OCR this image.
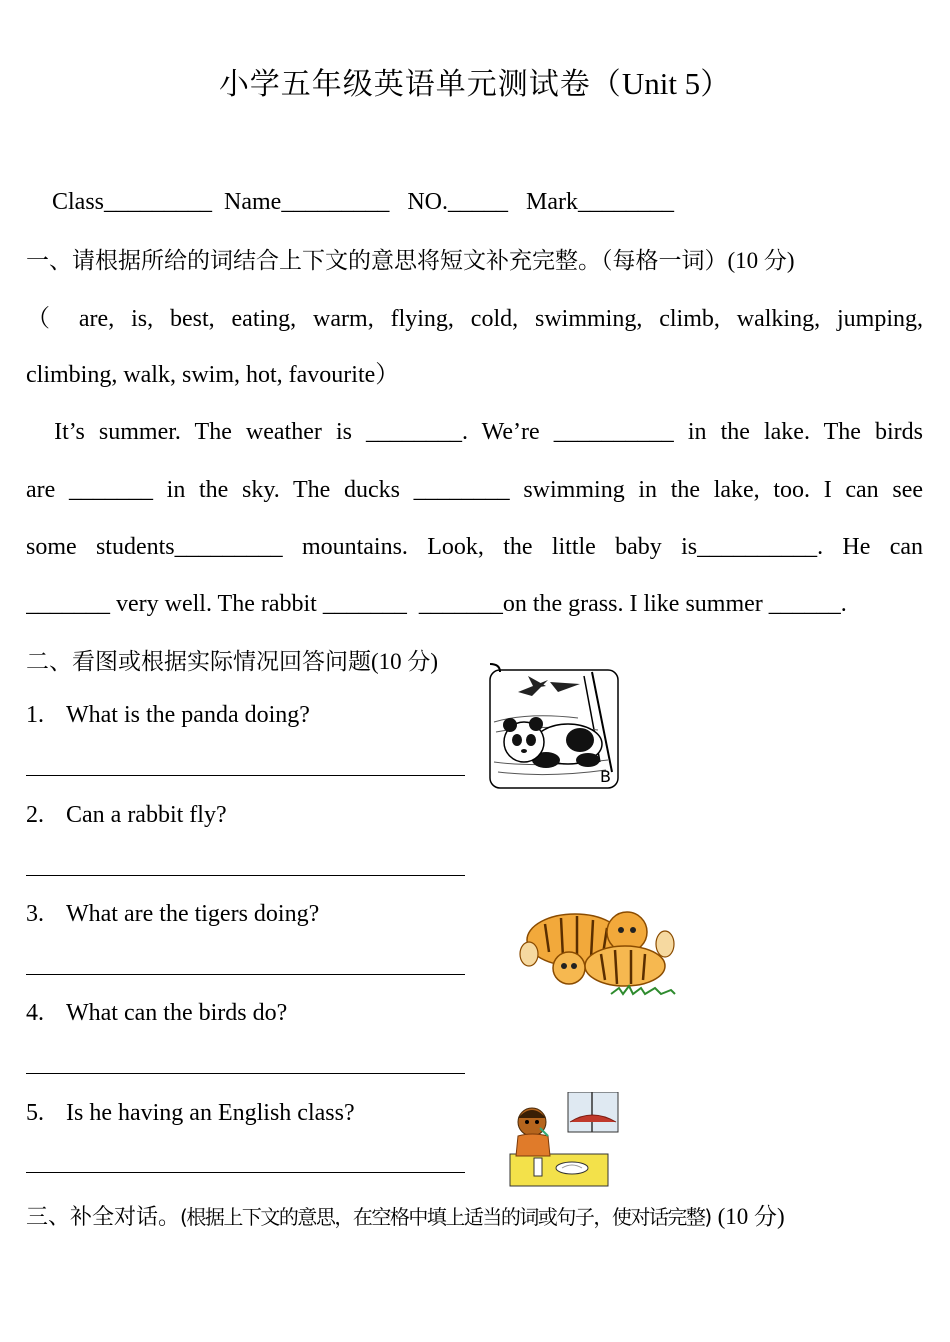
小学五年级英语单元测试卷（Unit 5）
Class_________  Name_________   NO._____   Mark________
一、请根据所给的词结合上下文的意思将短文补充完整。（每格一词）(10 分)
（ are, is, best, eating, warm, flying, cold, swimming, climb, walking, jumping,
climbing, walk, swim, hot, favourite）
It’s summer. The weather is ________. We’re __________ in the lake. The birds
are _______ in the sky. The ducks ________ swimming in the lake, too. I can see
some students_________ mountains. Look, the little baby is__________. He can
_______ very well. The rabbit _______  _______on the grass. I like summer ______.
二、看图或根据实际情况回答问题(10 分)
1. What is the panda doing?
2. Can a rabbit fly?
3. What are the tigers doing?
4. What can the birds do?
5. Is he having an English class?
B
三、补全对话。(根据上下文的意思，在空格中填上适当的词或句子，使对话完整) (10 分)
